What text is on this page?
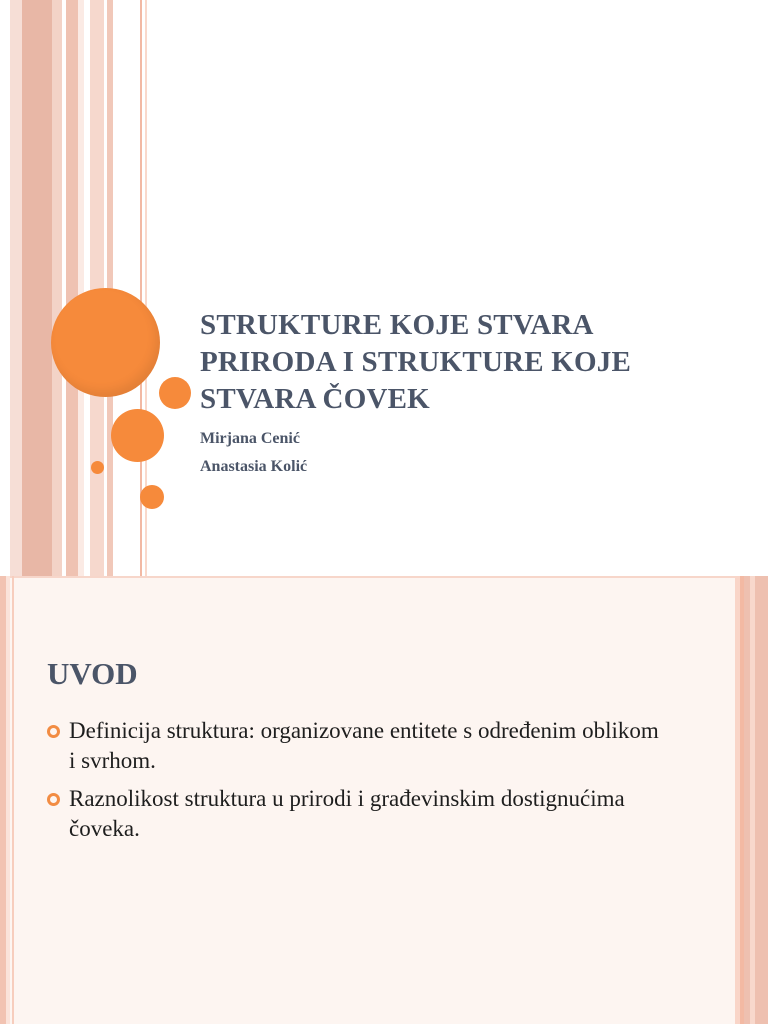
STRUKTURE KOJE STVARA PRIRODA I STRUKTURE KOJE STVARA ČOVEK
Mirjana Cenić
Anastasia Kolić
UVOD
Definicija struktura: organizovane entitete s određenim oblikom i svrhom.
Raznolikost struktura u prirodi i građevinskim dostignućima čoveka.
